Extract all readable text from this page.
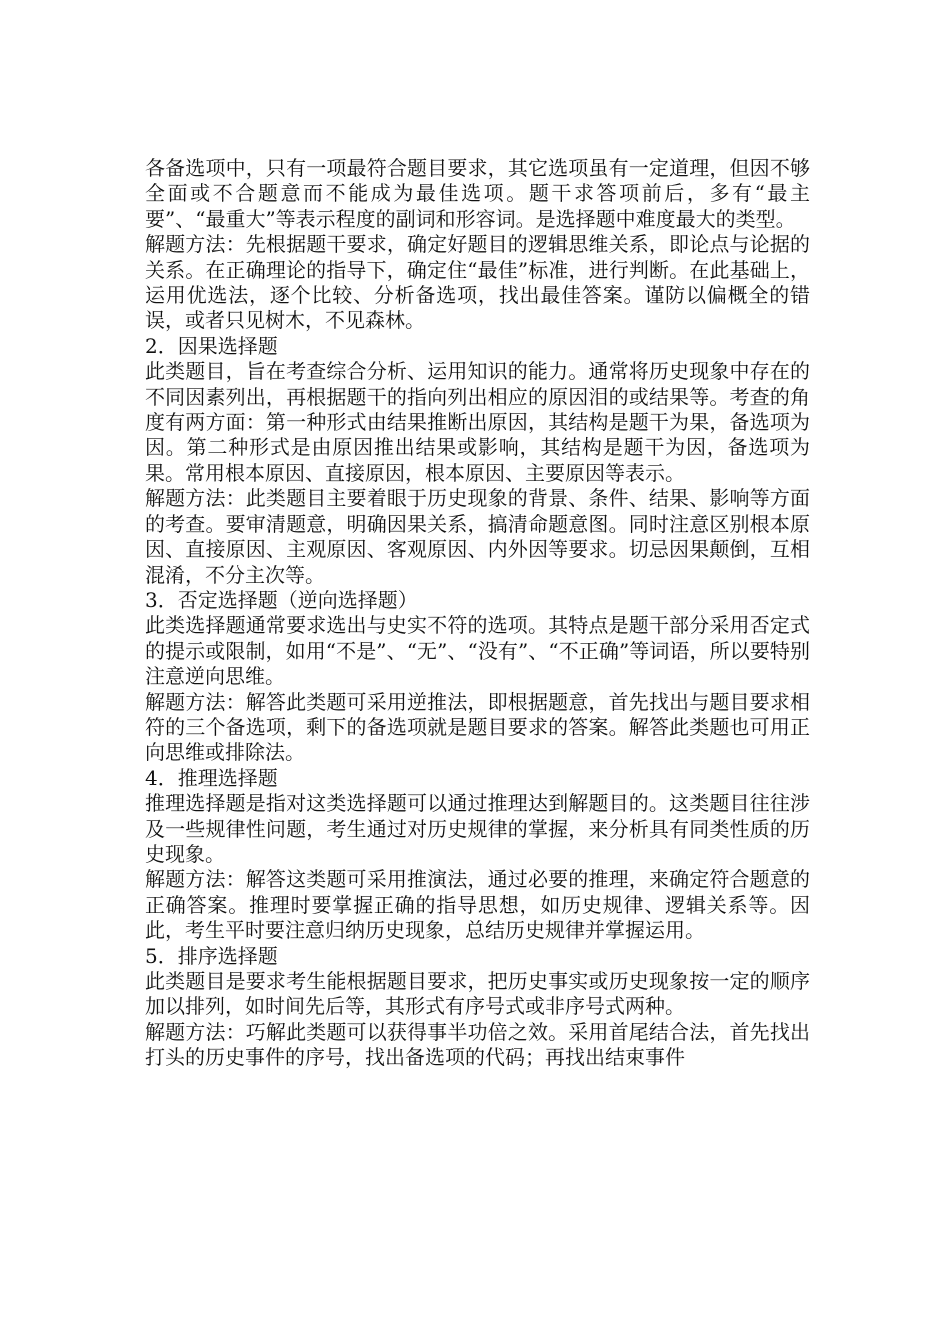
各备选项中，只有一项最符合题目要求，其它选项虽有一定道理，但因不够全面或不合题意而不能成为最佳选项。题干求答项前后，多有“最主要”、“最重大”等表示程度的副词和形容词。是选择题中难度最大的类型。

解题方法：先根据题干要求，确定好题目的逻辑思维关系，即论点与论据的关系。在正确理论的指导下，确定住“最佳”标准，进行判断。在此基础上，运用优选法，逐个比较、分析备选项，找出最佳答案。谨防以偏概全的错误，或者只见树木，不见森林。

2．因果选择题

此类题目，旨在考查综合分析、运用知识的能力。通常将历史现象中存在的不同因素列出，再根据题干的指向列出相应的原因泪的或结果等。考查的角度有两方面：第一种形式由结果推断出原因，其结构是题干为果，备选项为因。第二种形式是由原因推出结果或影响，其结构是题干为因，备选项为果。常用根本原因、直接原因，根本原因、主要原因等表示。

解题方法：此类题目主要着眼于历史现象的背景、条件、结果、影响等方面的考查。要审清题意，明确因果关系，搞清命题意图。同时注意区别根本原因、直接原因、主观原因、客观原因、内外因等要求。切忌因果颠倒，互相混淆，不分主次等。

3．否定选择题（逆向选择题）

此类选择题通常要求选出与史实不符的选项。其特点是题干部分采用否定式的提示或限制，如用“不是”、“无”、“没有”、“不正确”等词语，所以要特别注意逆向思维。

解题方法：解答此类题可采用逆推法，即根据题意，首先找出与题目要求相符的三个备选项，剩下的备选项就是题目要求的答案。解答此类题也可用正向思维或排除法。

4．推理选择题

推理选择题是指对这类选择题可以通过推理达到解题目的。这类题目往往涉及一些规律性问题，考生通过对历史规律的掌握，来分析具有同类性质的历史现象。

解题方法：解答这类题可采用推演法，通过必要的推理，来确定符合题意的正确答案。推理时要掌握正确的指导思想，如历史规律、逻辑关系等。因此，考生平时要注意归纳历史现象，总结历史规律并掌握运用。

5．排序选择题

此类题目是要求考生能根据题目要求，把历史事实或历史现象按一定的顺序加以排列，如时间先后等，其形式有序号式或非序号式两种。

解题方法：巧解此类题可以获得事半功倍之效。采用首尾结合法，首先找出打头的历史事件的序号，找出备选项的代码；再找出结束事件
